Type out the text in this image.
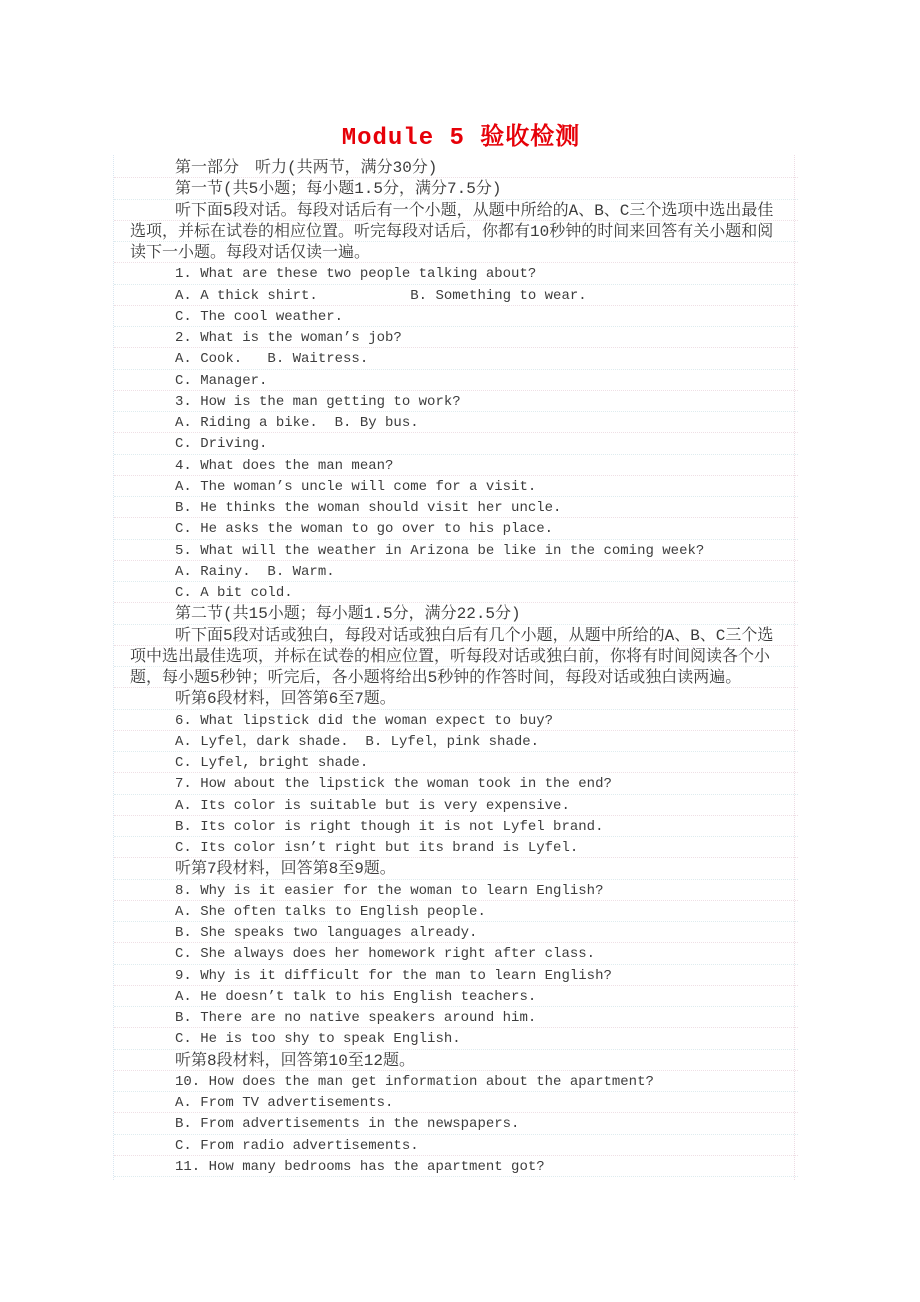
Module 5 验收检测
第一部分　听力(共两节，满分30分)
第一节(共5小题；每小题1.5分，满分7.5分)
听下面5段对话。每段对话后有一个小题，从题中所给的A、B、C三个选项中选出最佳
选项，并标在试卷的相应位置。听完每段对话后，你都有10秒钟的时间来回答有关小题和阅
读下一小题。每段对话仅读一遍。
1. What are these two people talking about?
A. A thick shirt.           B. Something to wear.
C. The cool weather.
2. What is the woman’s job?
A. Cook.   B. Waitress.
C. Manager.
3. How is the man getting to work?
A. Riding a bike.  B. By bus.
C. Driving.
4. What does the man mean?
A. The woman’s uncle will come for a visit.
B. He thinks the woman should visit her uncle.
C. He asks the woman to go over to his place.
5. What will the weather in Arizona be like in the coming week?
A. Rainy.  B. Warm.
C. A bit cold.
第二节(共15小题；每小题1.5分，满分22.5分)
听下面5段对话或独白，每段对话或独白后有几个小题，从题中所给的A、B、C三个选
项中选出最佳选项，并标在试卷的相应位置，听每段对话或独白前，你将有时间阅读各个小
题，每小题5秒钟；听完后，各小题将给出5秒钟的作答时间，每段对话或独白读两遍。
听第6段材料，回答第6至7题。
6. What lipstick did the woman expect to buy?
A. Lyfel，dark shade.  B. Lyfel，pink shade.
C. Lyfel, bright shade.
7. How about the lipstick the woman took in the end?
A. Its color is suitable but is very expensive.
B. Its color is right though it is not Lyfel brand.
C. Its color isn’t right but its brand is Lyfel.
听第7段材料，回答第8至9题。
8. Why is it easier for the woman to learn English?
A. She often talks to English people.
B. She speaks two languages already.
C. She always does her homework right after class.
9. Why is it difficult for the man to learn English?
A. He doesn’t talk to his English teachers.
B. There are no native speakers around him.
C. He is too shy to speak English.
听第8段材料，回答第10至12题。
10. How does the man get information about the apartment?
A. From TV advertisements.
B. From advertisements in the newspapers.
C. From radio advertisements.
11. How many bedrooms has the apartment got?
